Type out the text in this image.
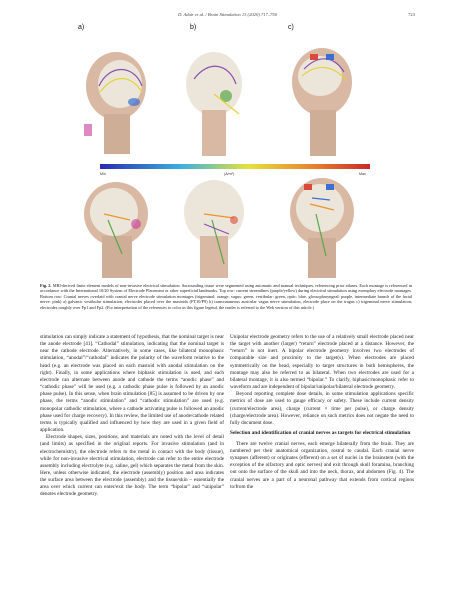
D. Adair et al. / Brain Stimulation 13 (2020) 717–750	723
a)	b)	c)
Min	(A/m²)	Max
Fig. 2. MRI-derived finite element models of non-invasive electrical stimulation. Surrounding tissue were segmented using automatic and manual techniques, referencing prior atlases. Each montage is referenced in accordance with the International 10/20 System of Electrode Placement or other superficial landmarks. Top row: current streamlines (purple/yellow) during electrical stimulation using exemplary electrode montages. Bottom row: Cranial nerves overlaid with cranial nerve electrode stimulation montages (trigeminal: orange, vagus: green, vestibular: green, optic: blue, glossopharyngeal: purple, intermediate branch of the facial nerve: pink) a) galvanic vestibular stimulation, electrodes placed over the mastoids (FT10/P9) b) transcutaneous auricular vagus nerve stimulation, electrode place on the tragus c) trigeminal nerve stimulation, electrodes roughly over Fp1 and Fp2. (For interpretation of the references to color in this figure legend, the reader is referred to the Web version of this article.)

stimulation can simply indicate a statement of hypothesis, that the nominal target is near the anode electrode [41]. “Cathodal” stimulation, indicating that the nominal target is near the cathode electrode. Alternatively, in some cases, like bilateral monophasic stimulation, “anodal”/“cathodal” indicates the polarity of the waveform relative to the head (e.g. an electrode was placed on each mastoid with anodal stimulation on the right). Finally, in some applications where biphasic stimulation is used, and each electrode can alternate between anode and cathode the terms “anodic phase” and “cathodic phase” will be used (e.g. a cathodic phase pulse is followed by an anodic phase pulse). In this sense, when brain stimulation [85] is assumed to be driven by one phase, the terms “anodic stimulation” and “cathodic stimulation” are used (e.g. monopolar cathodic stimulation, where a cathode activating pulse is followed an anodic phase used for charge recovery). In this review, the limited use of anode/cathode related terms is typically qualified and influenced by how they are used in a given field of application.

Electrode shapes, sizes, positions, and materials are noted with the level of detail (and limits) as specified in the original reports. For invasive stimulation (and in electrochemistry), the electrode refers to the metal in contact with the body (tissue), while for non-invasive electrical stimulation, electrode can refer to the entire electrode assembly including electrolyte (e.g. saline, gel) which separates the metal from the skin. Here, unless otherwise indicated, the electrode (assembly) position and area indicates the surface area between the electrode (assembly) and the tissue/skin – essentially the area over which current can enter/exit the body. The term “bipolar” and “unipolar” denotes electrode geometry.

Unipolar electrode geometry refers to the use of a relatively small electrode placed near the target with another (larger) “return” electrode placed at a distance. However, the “return” is not inert. A bipolar electrode geometry involves two electrodes of comparable size and proximity to the target(s). When electrodes are placed symmetrically on the head, especially to target structures in both hemispheres, the montage may also be referred to as bilateral. When two electrodes are used for a bilateral montage, it is also termed “bipolar.” To clarify, biphasic/monophasic refer to waveform and are independent of bipolar/unipolar/bilateral electrode geometry.

Beyond reporting complete dose details, in some stimulation applications specific metrics of dose are used to gauge efficacy or safety. These include current density (current/electrode area), charge (current × time per pulse), or charge density (charge/electrode area). However, reliance on such metrics does not negate the need to fully document dose.

Selection and identification of cranial nerves as targets for electrical stimulation

There are twelve cranial nerves, each emerge bilaterally from the brain. They are numbered per their anatomical organization, rostral to caudal. Each cranial nerve synapses (afferent) or originates (efferent) on a set of nuclei in the brainstem (with the exception of the olfactory and optic nerves) and exit through skull foramina, branching out onto the surface of the skull and into the neck, thorax, and abdomen (Fig. 4). The cranial nerves are a part of a neuronal pathway that extends from cortical regions to/from the
